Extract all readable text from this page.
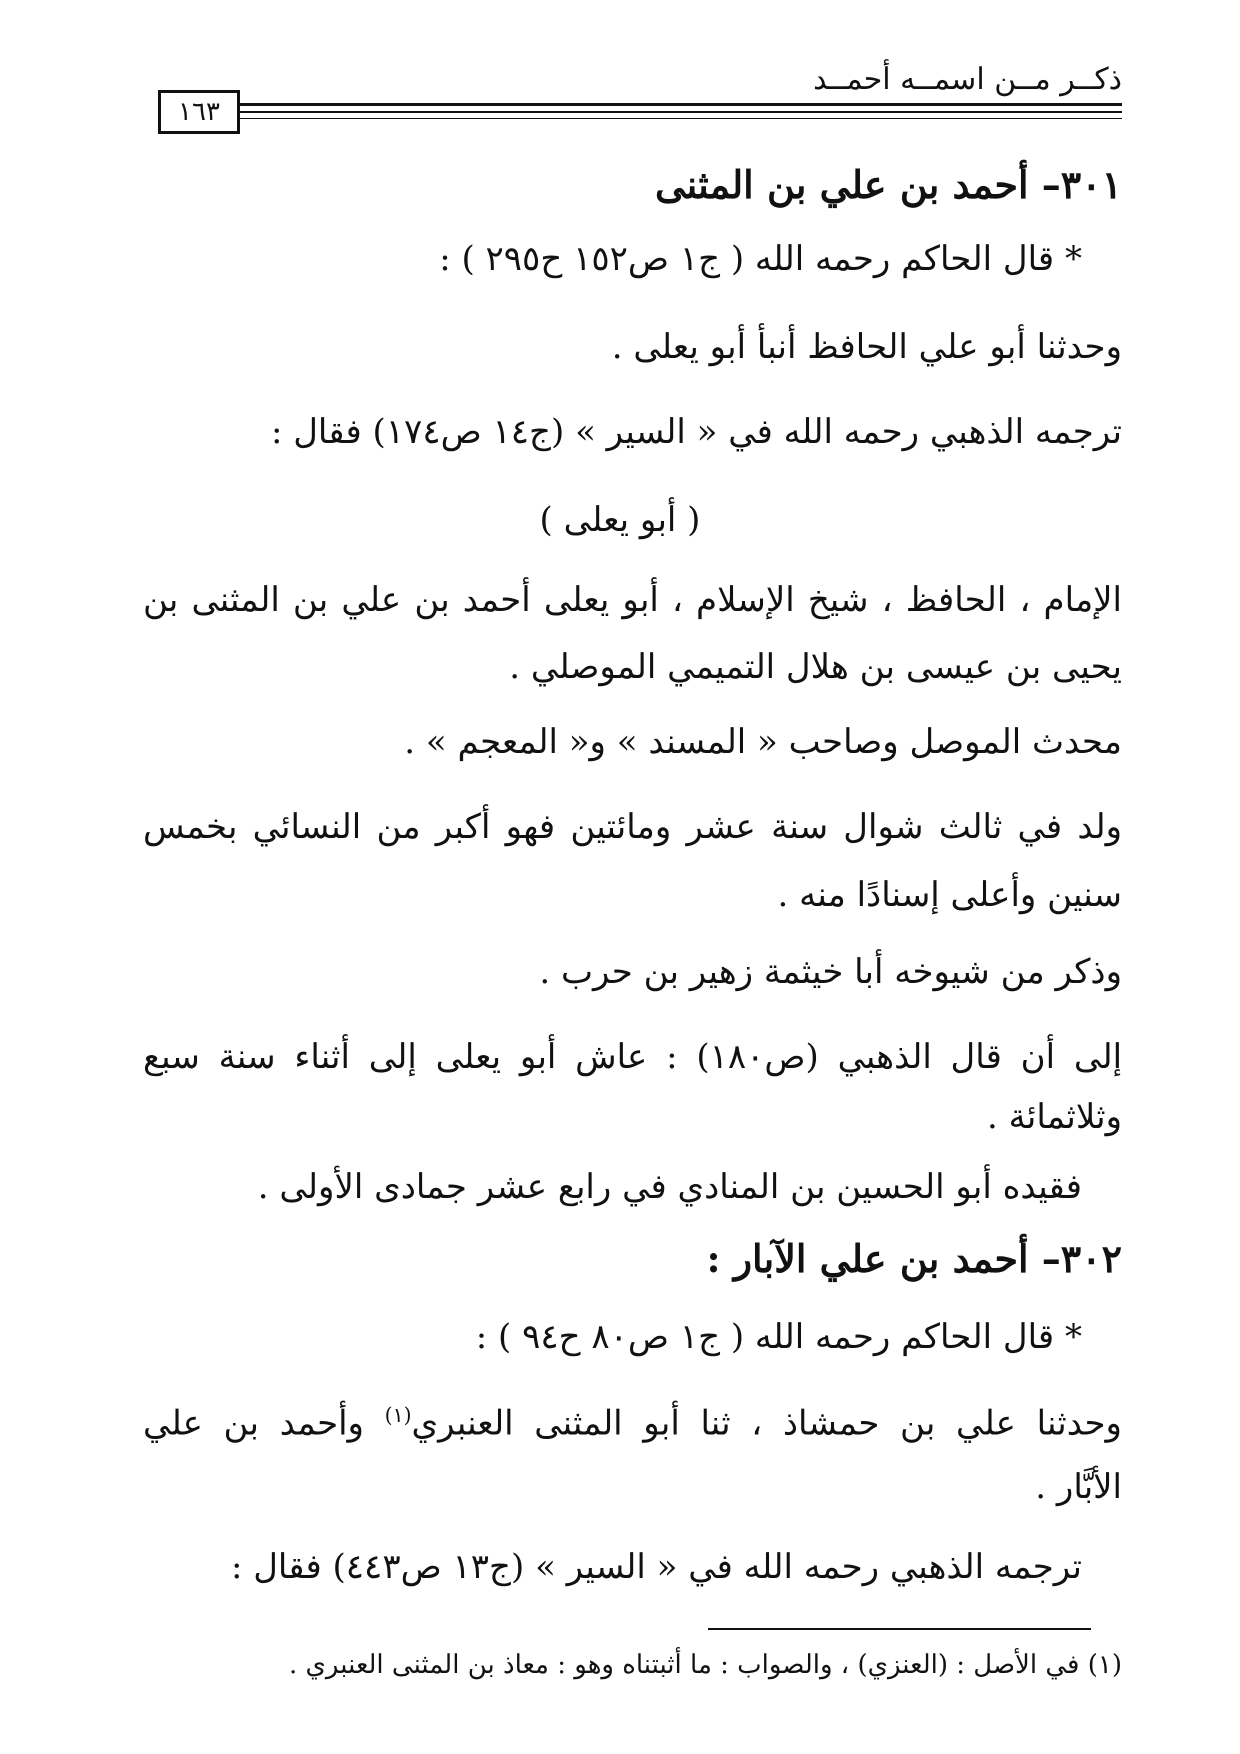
ذكــر مــن اسمــه أحمــد
١٦٣
٣٠١– أحمد بن علي بن المثنى
* قال الحاكم رحمه الله ( ج١ ص١٥٢ ح٢٩٥ ) :
وحدثنا أبو علي الحافظ أنبأ أبو يعلى .
ترجمه الذهبي رحمه الله في « السير » (ج١٤ ص١٧٤) فقال :
( أبو يعلى )
الإمام ، الحافظ ، شيخ الإسلام ، أبو يعلى أحمد بن علي بن المثنى بن
يحيى بن عيسى بن هلال التميمي الموصلي .
محدث الموصل وصاحب « المسند » و« المعجم » .
ولد في ثالث شوال سنة عشر ومائتين فهو أكبر من النسائي بخمس
سنين وأعلى إسنادًا منه .
وذكر من شيوخه أبا خيثمة زهير بن حرب .
إلى أن قال الذهبي (ص١٨٠) : عاش أبو يعلى إلى أثناء سنة سبع
وثلاثمائة .
فقيده أبو الحسين بن المنادي في رابع عشر جمادى الأولى .
٣٠٢– أحمد بن علي الآبار :
* قال الحاكم رحمه الله ( ج١ ص٨٠ ح٩٤ ) :
وحدثنا علي بن حمشاذ ، ثنا أبو المثنى العنبري$^{(١)}$ وأحمد بن علي
الأبَّار .
ترجمه الذهبي رحمه الله في « السير » (ج١٣ ص٤٤٣) فقال :
(١) في الأصل : (العنزي) ، والصواب : ما أثبتناه وهو : معاذ بن المثنى العنبري .
